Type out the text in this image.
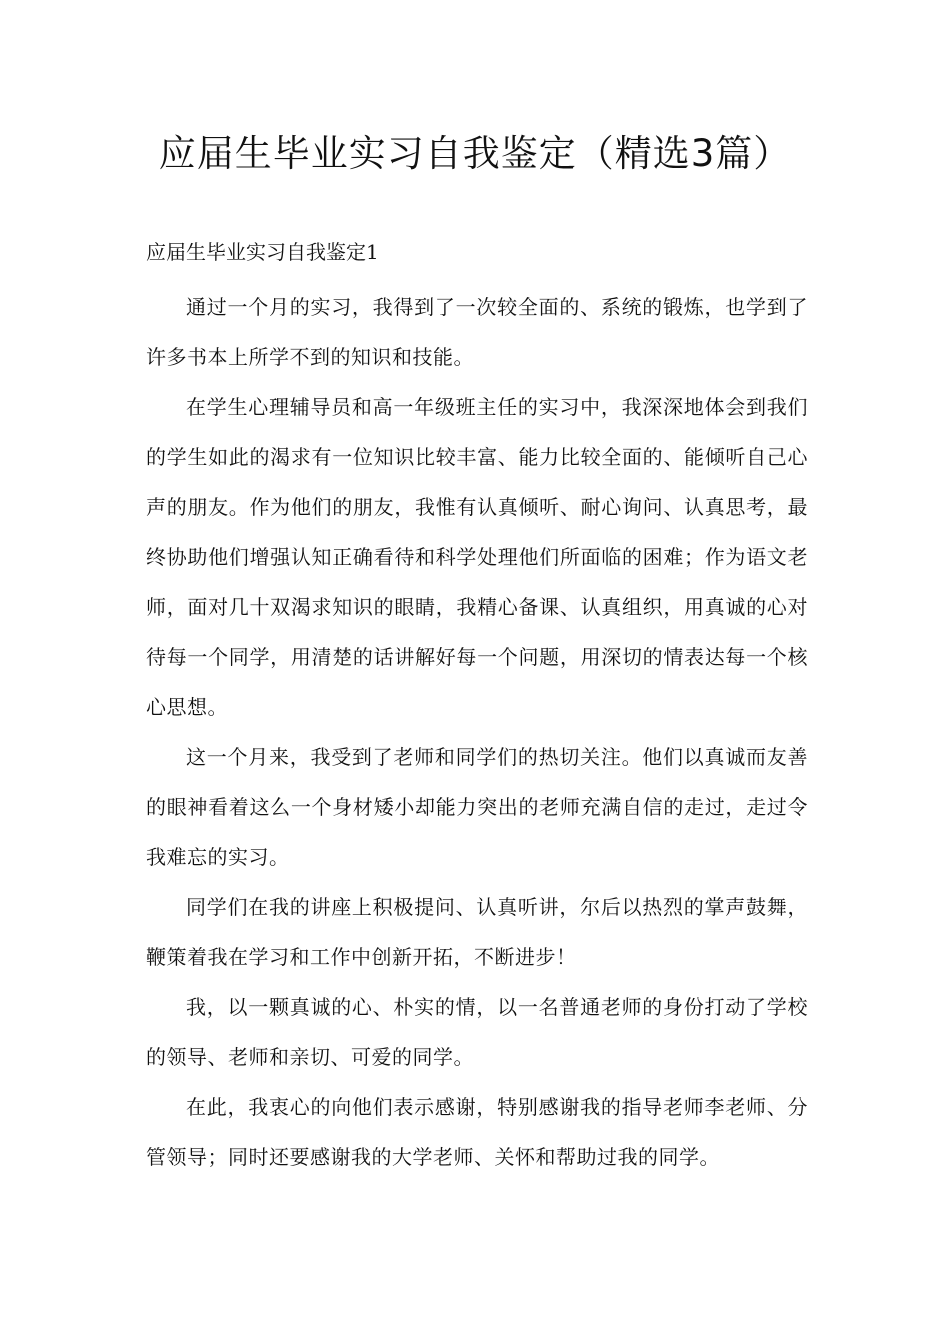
应届生毕业实习自我鉴定（精选3篇）

应届生毕业实习自我鉴定1

通过一个月的实习，我得到了一次较全面的、系统的锻炼，也学到了许多书本上所学不到的知识和技能。

在学生心理辅导员和高一年级班主任的实习中，我深深地体会到我们的学生如此的渴求有一位知识比较丰富、能力比较全面的、能倾听自己心声的朋友。作为他们的朋友，我惟有认真倾听、耐心询问、认真思考，最终协助他们增强认知正确看待和科学处理他们所面临的困难；作为语文老师，面对几十双渴求知识的眼睛，我精心备课、认真组织，用真诚的心对待每一个同学，用清楚的话讲解好每一个问题，用深切的情表达每一个核心思想。

这一个月来，我受到了老师和同学们的热切关注。他们以真诚而友善的眼神看着这么一个身材矮小却能力突出的老师充满自信的走过，走过令我难忘的实习。

同学们在我的讲座上积极提问、认真听讲，尔后以热烈的掌声鼓舞，鞭策着我在学习和工作中创新开拓，不断进步！

我，以一颗真诚的心、朴实的情，以一名普通老师的身份打动了学校的领导、老师和亲切、可爱的同学。

在此，我衷心的向他们表示感谢，特别感谢我的指导老师李老师、分管领导；同时还要感谢我的大学老师、关怀和帮助过我的同学。
